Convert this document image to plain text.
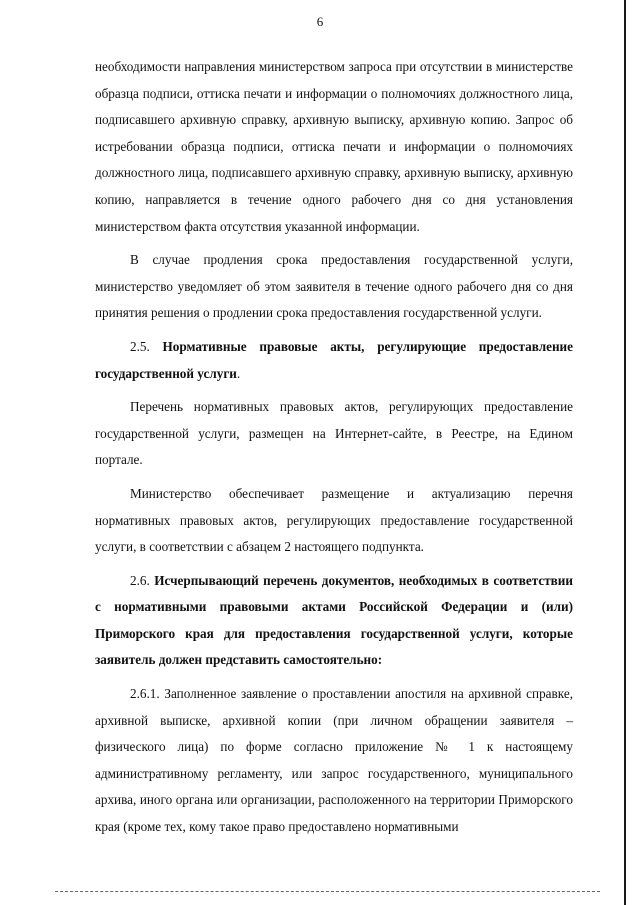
6

необходимости направления министерством запроса при отсутствии в министерстве образца подписи, оттиска печати и информации о полномочиях должностного лица, подписавшего архивную справку, архивную выписку, архивную копию. Запрос об истребовании образца подписи, оттиска печати и информации о полномочиях должностного лица, подписавшего архивную справку, архивную выписку, архивную копию, направляется в течение одного рабочего дня со дня установления министерством факта отсутствия указанной информации.

В случае продления срока предоставления государственной услуги, министерство уведомляет об этом заявителя в течение одного рабочего дня со дня принятия решения о продлении срока предоставления государственной услуги.

2.5. Нормативные правовые акты, регулирующие предоставление государственной услуги.

Перечень нормативных правовых актов, регулирующих предоставление государственной услуги, размещен на Интернет-сайте, в Реестре, на Едином портале.

Министерство обеспечивает размещение и актуализацию перечня нормативных правовых актов, регулирующих предоставление государственной услуги, в соответствии с абзацем 2 настоящего подпункта.

2.6. Исчерпывающий перечень документов, необходимых в соответствии с нормативными правовыми актами Российской Федерации и (или) Приморского края для предоставления государственной услуги, которые заявитель должен представить самостоятельно:

2.6.1. Заполненное заявление о проставлении апостиля на архивной справке, архивной выписке, архивной копии (при личном обращении заявителя – физического лица) по форме согласно приложение № 1 к настоящему административному регламенту, или запрос государственного, муниципального архива, иного органа или организации, расположенного на территории Приморского края (кроме тех, кому такое право предоставлено нормативными
